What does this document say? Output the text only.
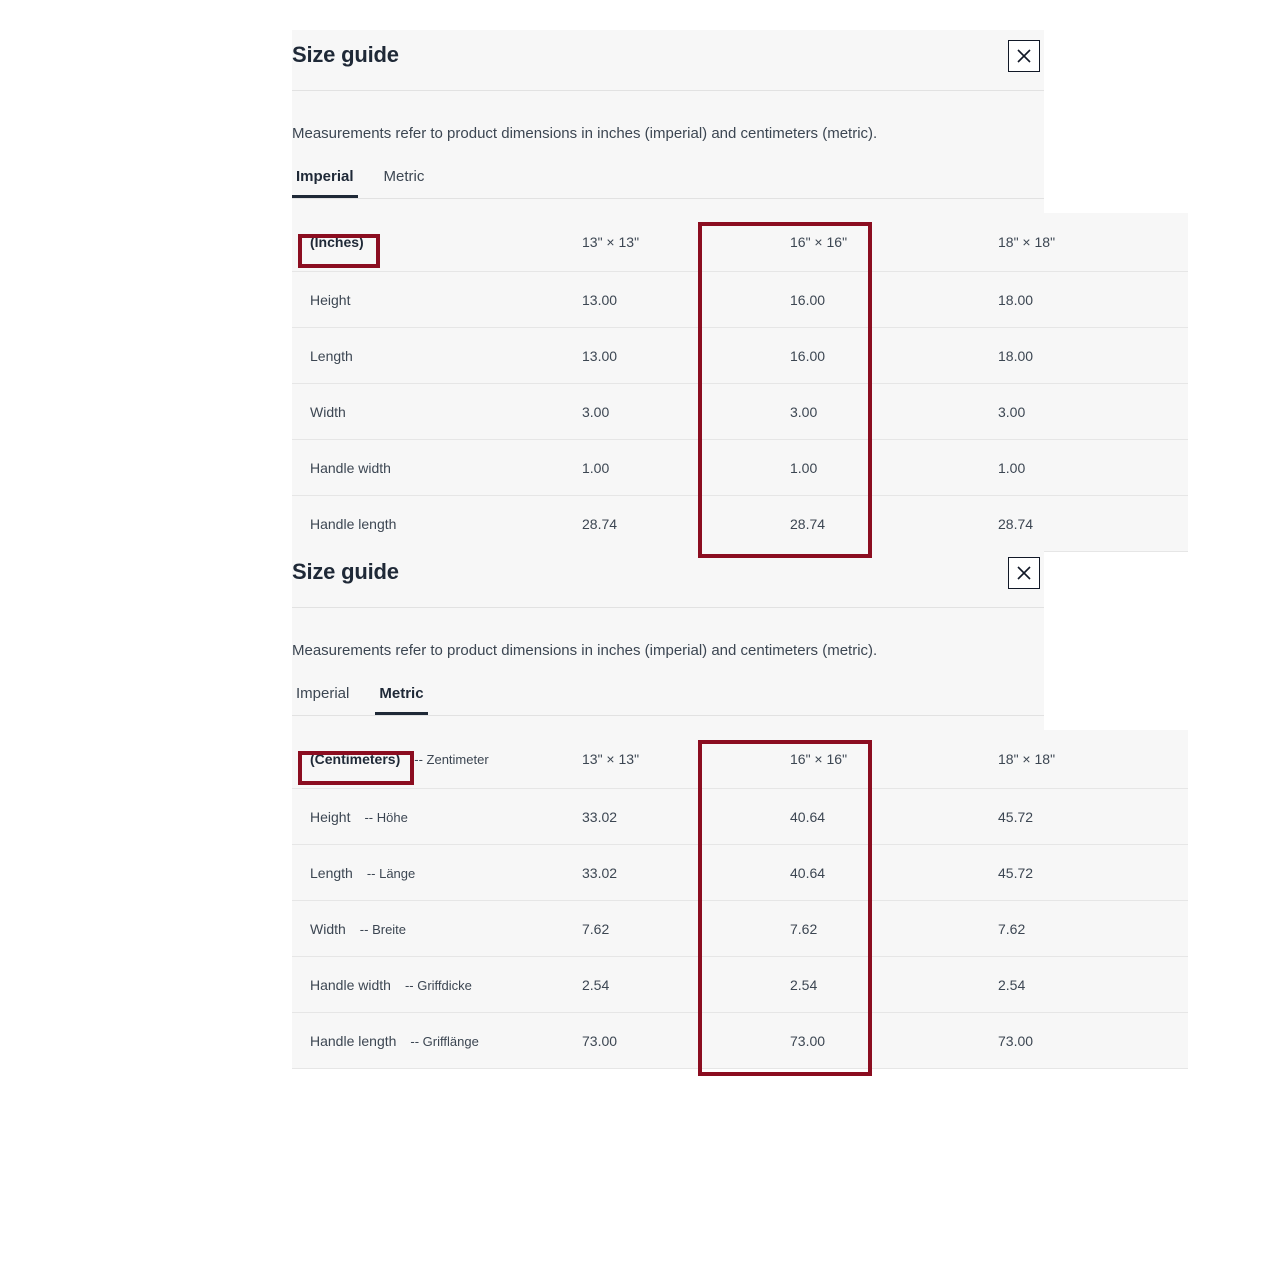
Size guide
Measurements refer to product dimensions in inches (imperial) and centimeters (metric).
Imperial Metric
(Inches)	13" × 13"	16" × 16"	18" × 18"
Height	13.00	16.00	18.00
Length	13.00	16.00	18.00
Width	3.00	3.00	3.00
Handle width	1.00	1.00	1.00
Handle length	28.74	28.74	28.74
Size guide
Measurements refer to product dimensions in inches (imperial) and centimeters (metric).
Imperial Metric
(Centimeters) -- Zentimeter	13" × 13"	16" × 16"	18" × 18"
Height -- Höhe	33.02	40.64	45.72
Length -- Länge	33.02	40.64	45.72
Width -- Breite	7.62	7.62	7.62
Handle width -- Griffdicke	2.54	2.54	2.54
Handle length -- Grifflänge	73.00	73.00	73.00
